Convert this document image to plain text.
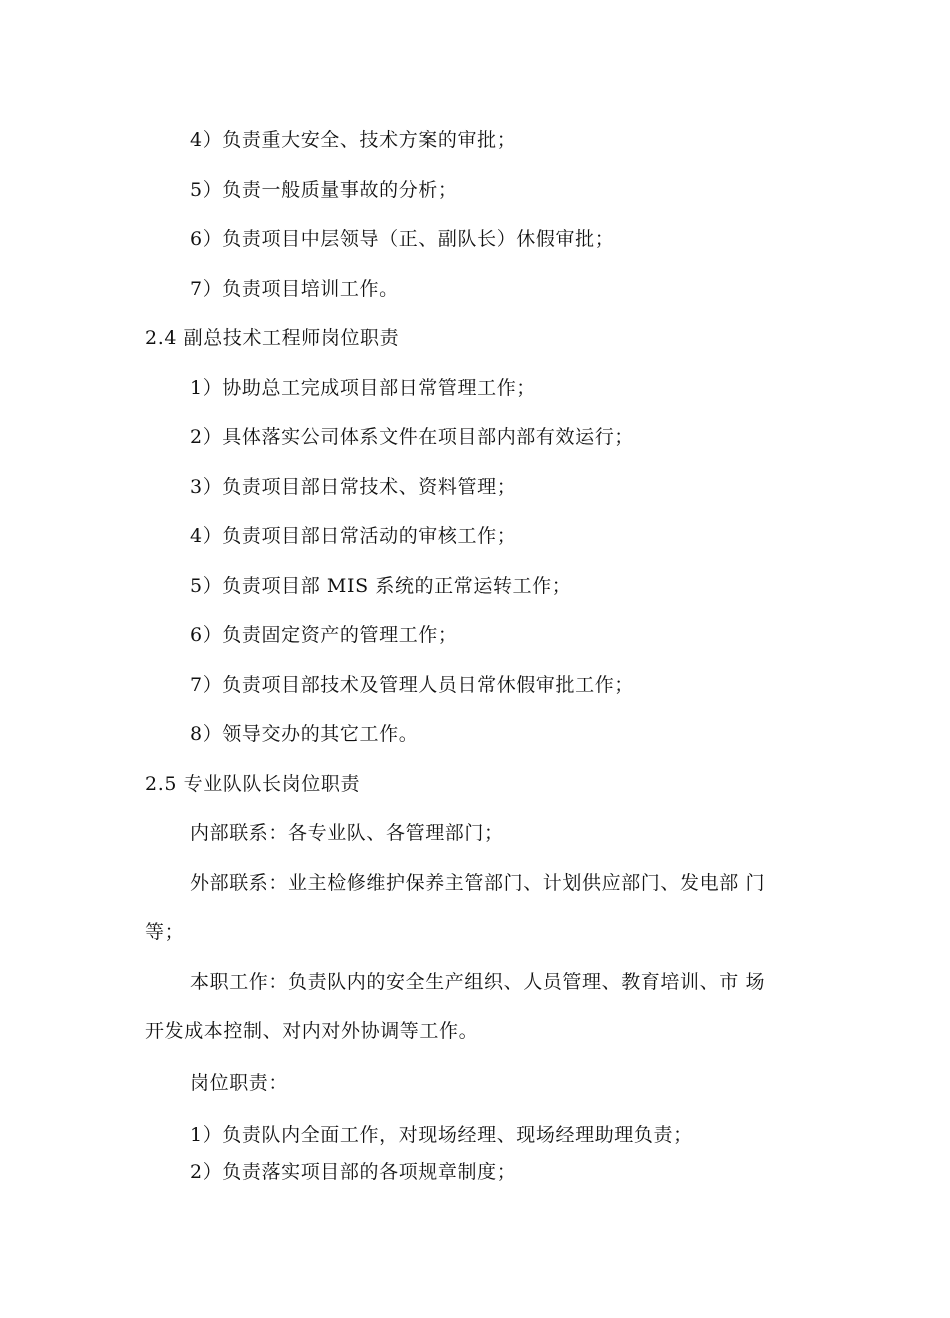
4）负责重大安全、技术方案的审批；
5）负责一般质量事故的分析；
6）负责项目中层领导（正、副队长）休假审批；
7）负责项目培训工作。
2.4 副总技术工程师岗位职责
1）协助总工完成项目部日常管理工作；
2）具体落实公司体系文件在项目部内部有效运行；
3）负责项目部日常技术、资料管理；
4）负责项目部日常活动的审核工作；
5）负责项目部 MIS 系统的正常运转工作；
6）负责固定资产的管理工作；
7）负责项目部技术及管理人员日常休假审批工作；
8）领导交办的其它工作。
2.5 专业队队长岗位职责
内部联系：各专业队、各管理部门；
外部联系：业主检修维护保养主管部门、计划供应部门、发电部 门
等；
本职工作：负责队内的安全生产组织、人员管理、教育培训、市 场
开发成本控制、对内对外协调等工作。
岗位职责：
1）负责队内全面工作，对现场经理、现场经理助理负责；
2）负责落实项目部的各项规章制度；
